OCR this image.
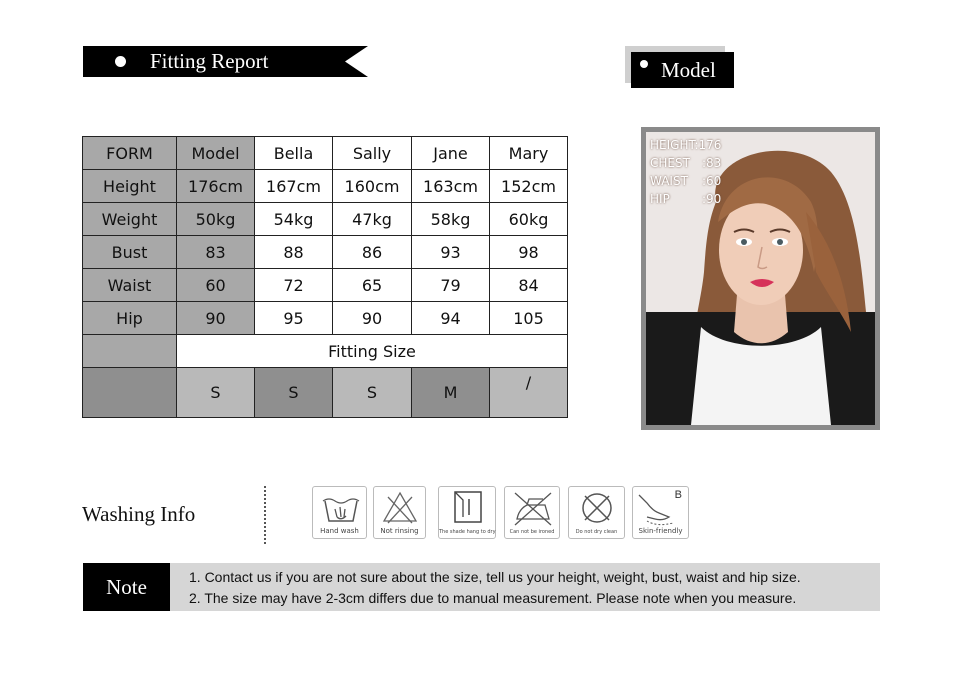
Fitting Report	Model
FORM	Model	Bella	Sally	Jane	Mary
Height	176cm	167cm	160cm	163cm	152cm
Weight	50kg	54kg	47kg	58kg	60kg
Bust	83	88	86	93	98
Waist	60	72	65	79	84
Hip	90	95	90	94	105
	Fitting Size				
	S	S	S	M	/
HEIGHT:176
CHEST :83
WAIST :60
HIP	:90
Washing Info
Hand wash	Not rinsing	The shade hang to dry	Can not be ironed	Do not dry clean
B
Skin-friendly
Note	1. Contact us if you are not sure about the size, tell us your height, weight, bust, waist and hip size.
2. The size may have 2-3cm differs due to manual measurement. Please note when you measure.
